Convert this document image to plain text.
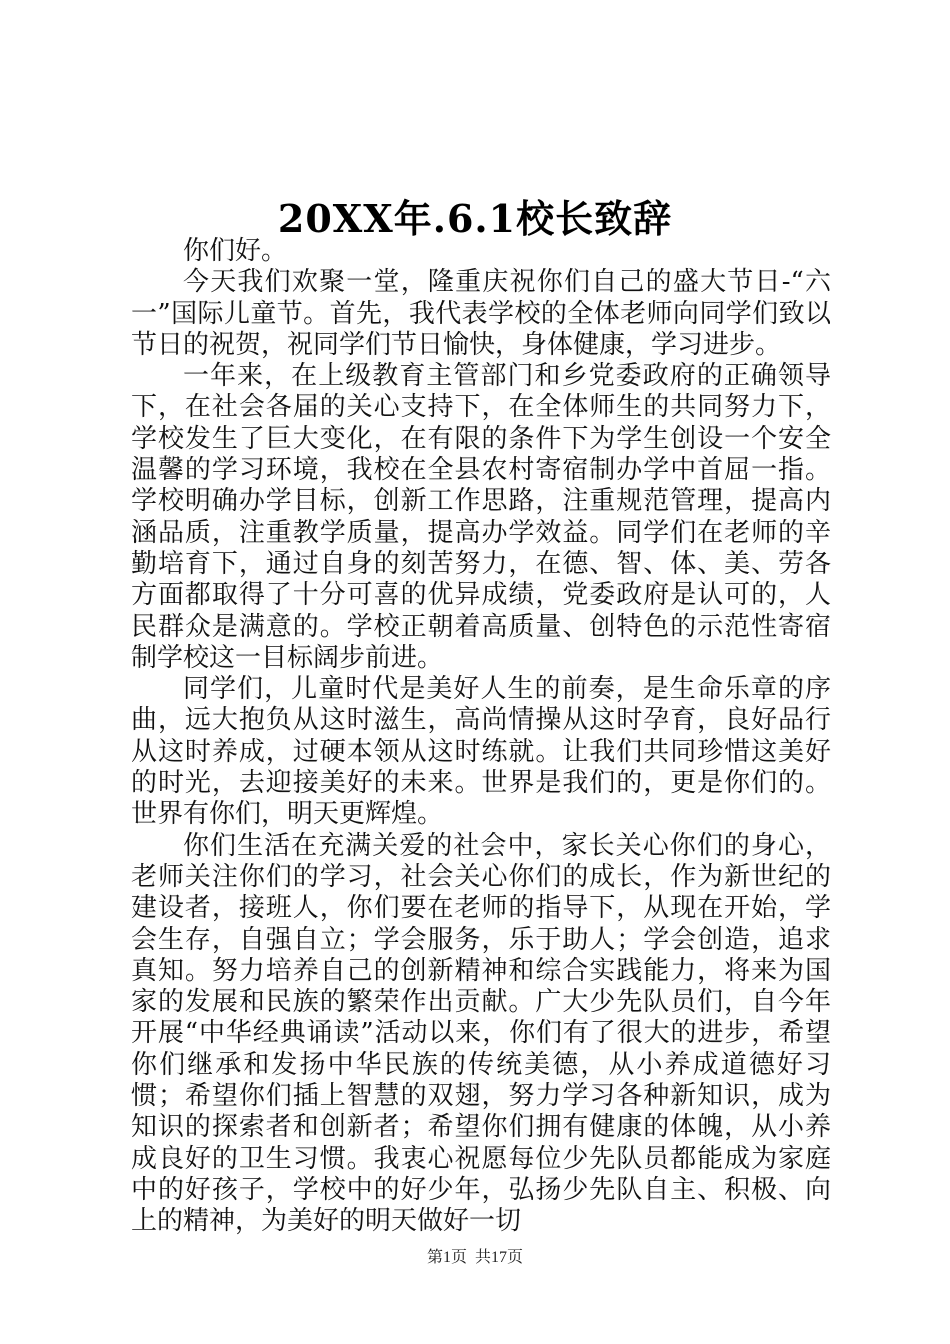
20XX年.6.1校长致辞

你们好。

今天我们欢聚一堂，隆重庆祝你们自己的盛大节日-“六一”国际儿童节。首先，我代表学校的全体老师向同学们致以节日的祝贺，祝同学们节日愉快，身体健康，学习进步。

一年来，在上级教育主管部门和乡党委政府的正确领导下，在社会各届的关心支持下，在全体师生的共同努力下，学校发生了巨大变化，在有限的条件下为学生创设一个安全温馨的学习环境，我校在全县农村寄宿制办学中首屈一指。学校明确办学目标，创新工作思路，注重规范管理，提高内涵品质，注重教学质量，提高办学效益。同学们在老师的辛勤培育下，通过自身的刻苦努力，在德、智、体、美、劳各方面都取得了十分可喜的优异成绩，党委政府是认可的，人民群众是满意的。学校正朝着高质量、创特色的示范性寄宿制学校这一目标阔步前进。

同学们，儿童时代是美好人生的前奏，是生命乐章的序曲，远大抱负从这时滋生，高尚情操从这时孕育，良好品行从这时养成，过硬本领从这时练就。让我们共同珍惜这美好的时光，去迎接美好的未来。世界是我们的，更是你们的。世界有你们，明天更辉煌。

你们生活在充满关爱的社会中，家长关心你们的身心，老师关注你们的学习，社会关心你们的成长，作为新世纪的建设者，接班人，你们要在老师的指导下，从现在开始，学会生存，自强自立；学会服务，乐于助人；学会创造，追求真知。努力培养自己的创新精神和综合实践能力，将来为国家的发展和民族的繁荣作出贡献。广大少先队员们，自今年开展“中华经典诵读”活动以来，你们有了很大的进步，希望你们继承和发扬中华民族的传统美德，从小养成道德好习惯；希望你们插上智慧的双翅，努力学习各种新知识，成为知识的探索者和创新者；希望你们拥有健康的体魄，从小养成良好的卫生习惯。我衷心祝愿每位少先队员都能成为家庭中的好孩子，学校中的好少年，弘扬少先队自主、积极、向上的精神，为美好的明天做好一切

第1页 共17页
